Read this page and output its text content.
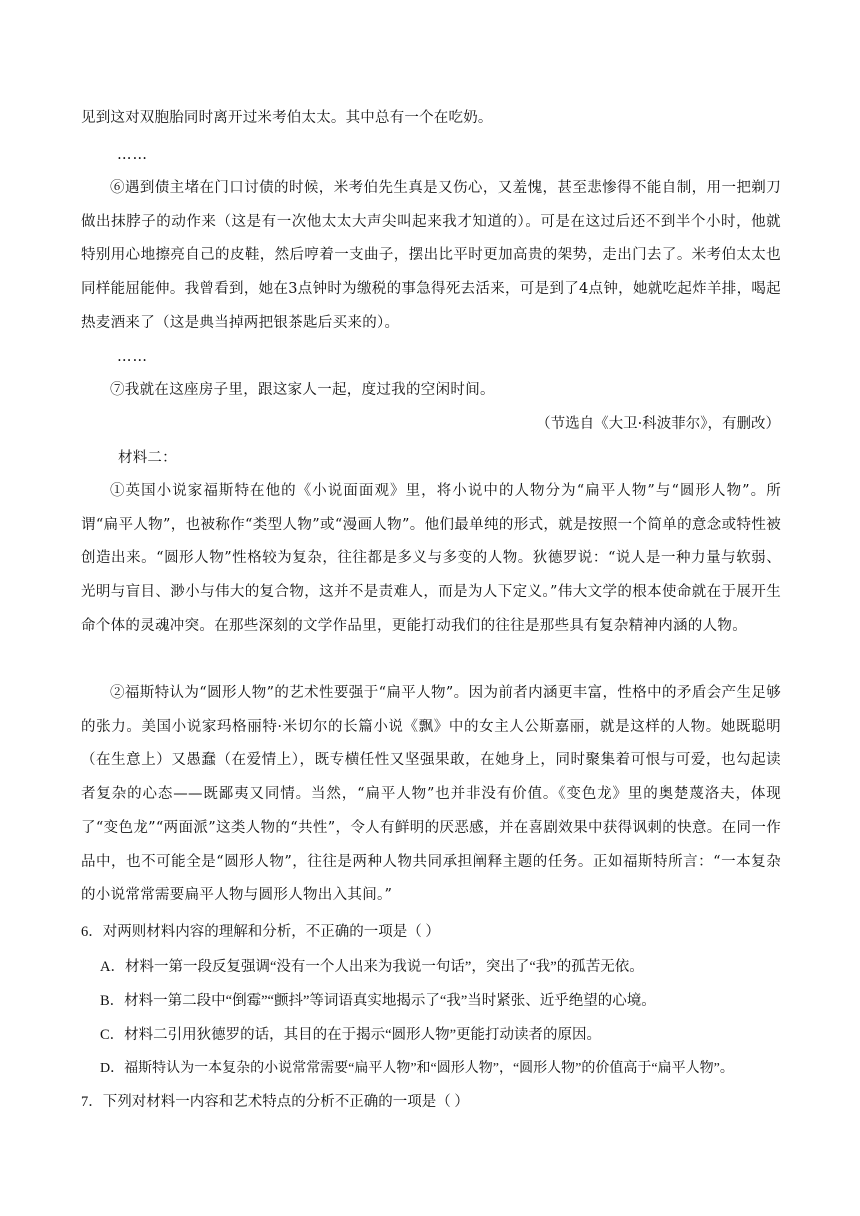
见到这对双胞胎同时离开过米考伯太太。其中总有一个在吃奶。
……
⑥遇到债主堵在门口讨债的时候，米考伯先生真是又伤心，又羞愧，甚至悲惨得不能自制，用一把剃刀做出抹脖子的动作来（这是有一次他太太大声尖叫起来我才知道的）。可是在这过后还不到半个小时，他就特别用心地擦亮自己的皮鞋，然后哼着一支曲子，摆出比平时更加高贵的架势，走出门去了。米考伯太太也同样能屈能伸。我曾看到，她在3点钟时为缴税的事急得死去活来，可是到了4点钟，她就吃起炸羊排，喝起热麦酒来了（这是典当掉两把银茶匙后买来的）。
……
⑦我就在这座房子里，跟这家人一起，度过我的空闲时间。
（节选自《大卫·科波菲尔》，有删改）
材料二：
①英国小说家福斯特在他的《小说面面观》里，将小说中的人物分为“扁平人物”与“圆形人物”。所谓“扁平人物”，也被称作“类型人物”或“漫画人物”。他们最单纯的形式，就是按照一个简单的意念或特性被创造出来。“圆形人物”性格较为复杂，往往都是多义与多变的人物。狄德罗说：“说人是一种力量与软弱、光明与盲目、渺小与伟大的复合物，这并不是责难人，而是为人下定义。”伟大文学的根本使命就在于展开生命个体的灵魂冲突。在那些深刻的文学作品里，更能打动我们的往往是那些具有复杂精神内涵的人物。
②福斯特认为“圆形人物”的艺术性要强于“扁平人物”。因为前者内涵更丰富，性格中的矛盾会产生足够的张力。美国小说家玛格丽特·米切尔的长篇小说《飘》中的女主人公斯嘉丽，就是这样的人物。她既聪明（在生意上）又愚蠢（在爱情上），既专横任性又坚强果敢，在她身上，同时聚集着可恨与可爱，也勾起读者复杂的心态——既鄙夷又同情。当然，“扁平人物”也并非没有价值。《变色龙》里的奥楚蔑洛夫，体现了“变色龙”“两面派”这类人物的“共性”，令人有鲜明的厌恶感，并在喜剧效果中获得讽刺的快意。在同一作品中，也不可能全是“圆形人物”，往往是两种人物共同承担阐释主题的任务。正如福斯特所言：“一本复杂的小说常常需要扁平人物与圆形人物出入其间。”
6．对两则材料内容的理解和分析，不正确的一项是（ ）
A．材料一第一段反复强调“没有一个人出来为我说一句话”，突出了“我”的孤苦无依。
B．材料一第二段中“倒霉”“颤抖”等词语真实地揭示了“我”当时紧张、近乎绝望的心境。
C．材料二引用狄德罗的话，其目的在于揭示“圆形人物”更能打动读者的原因。
D．福斯特认为一本复杂的小说常常需要“扁平人物”和“圆形人物”，“圆形人物”的价值高于“扁平人物”。
7．下列对材料一内容和艺术特点的分析不正确的一项是（ ）
